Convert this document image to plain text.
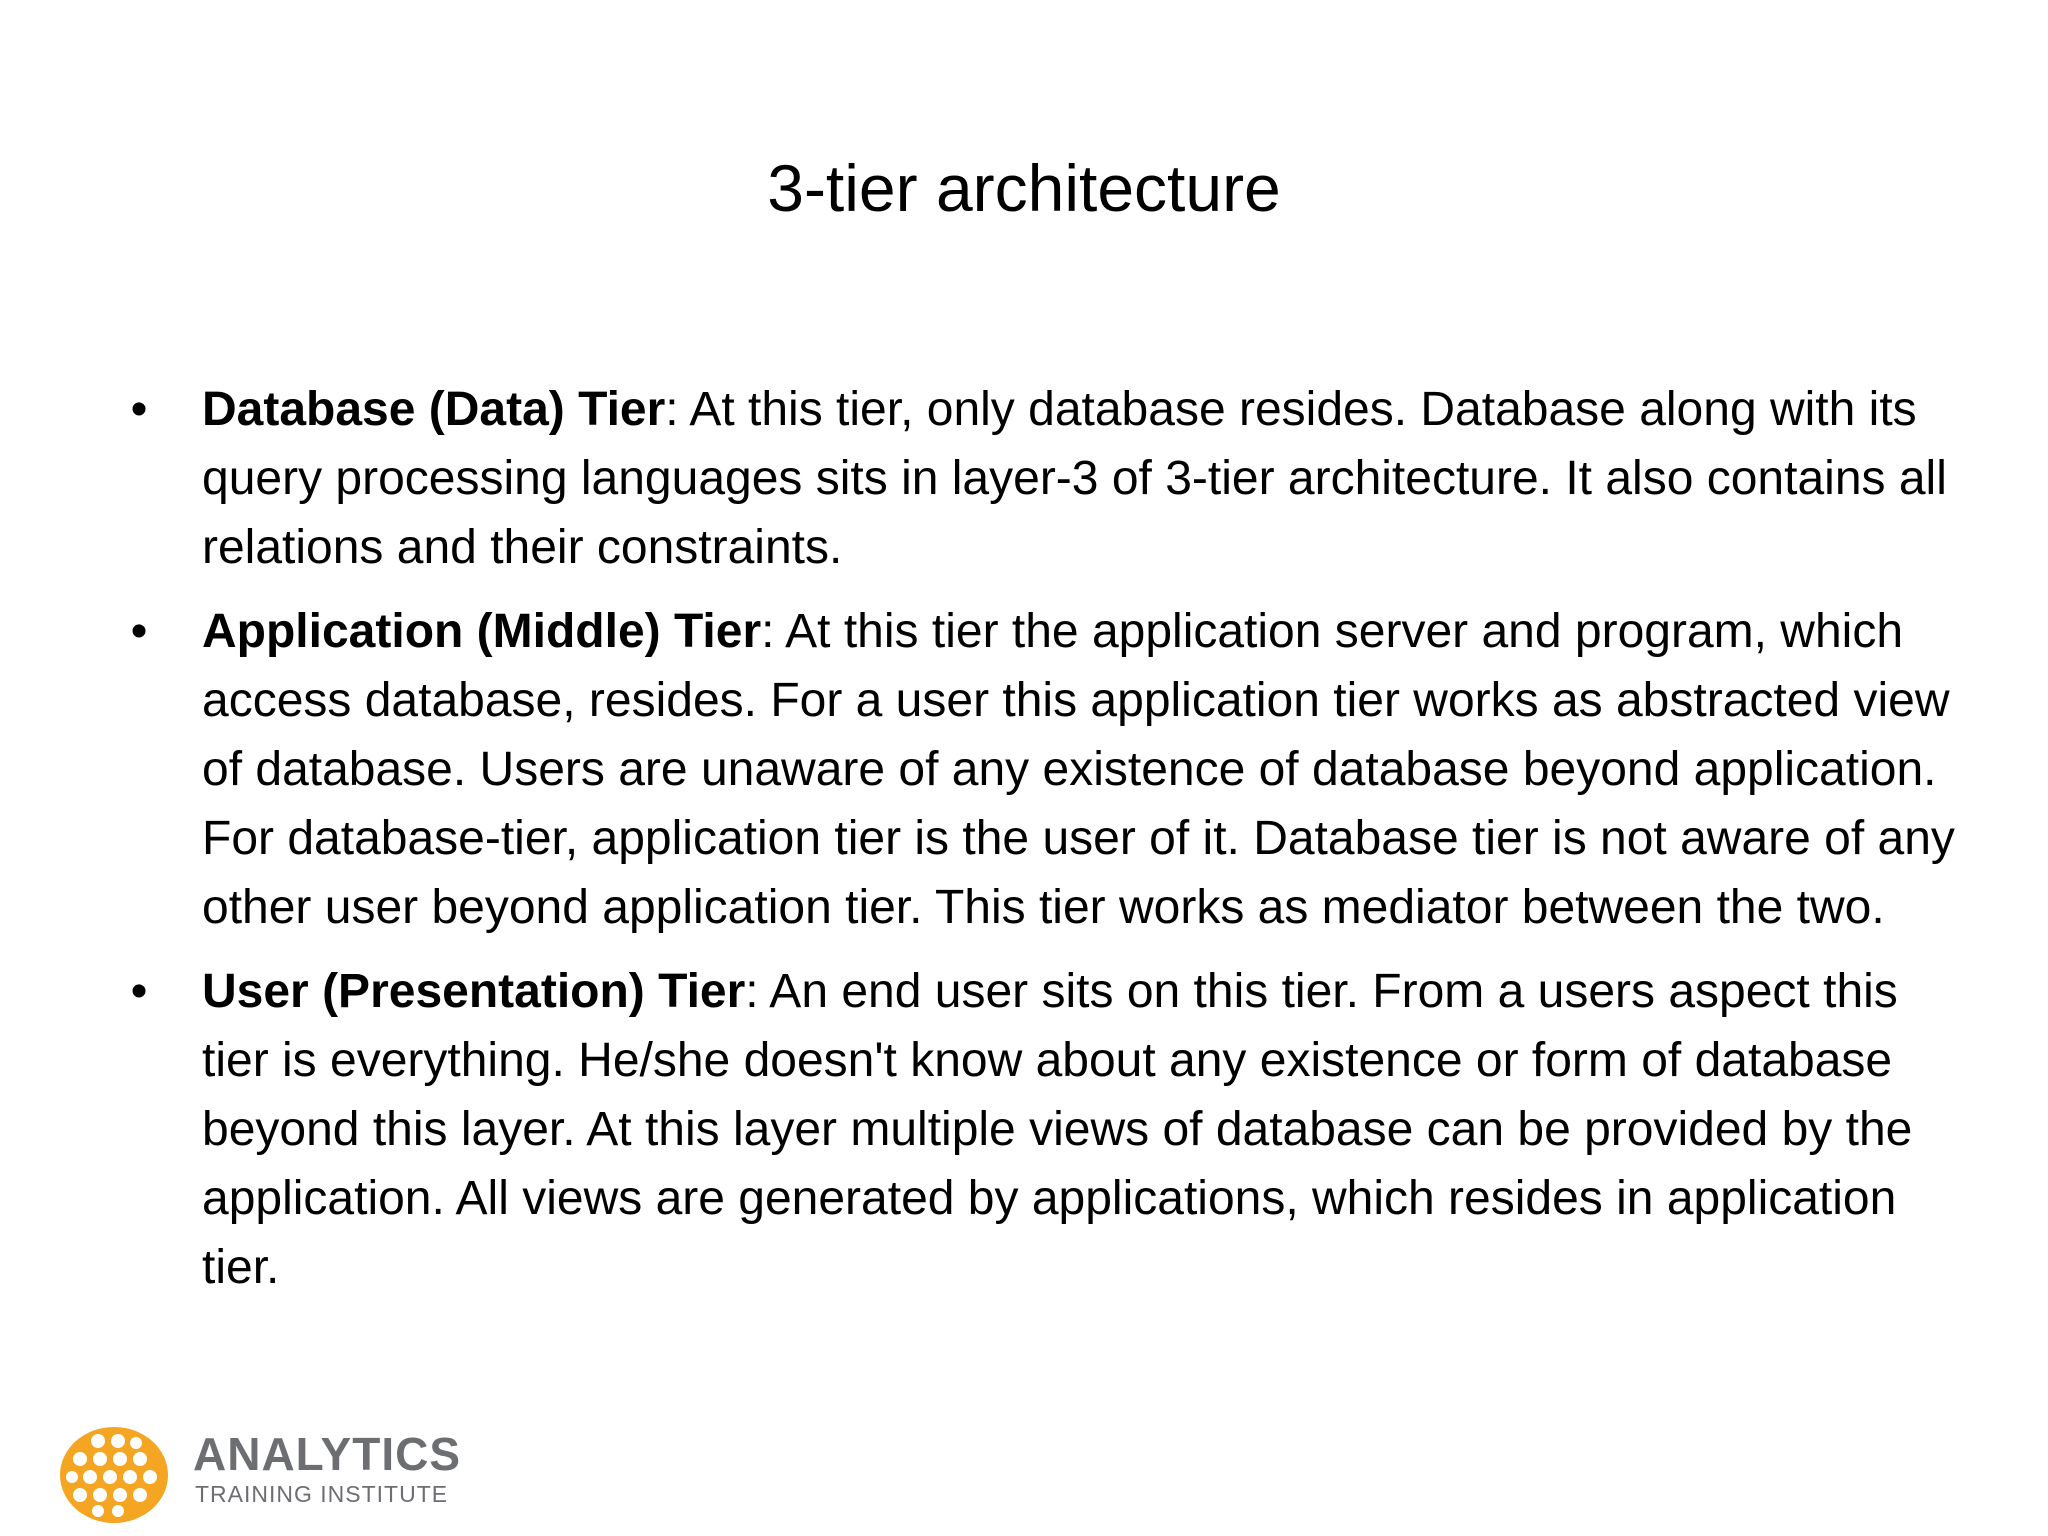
3-tier architecture
• Database (Data) Tier: At this tier, only database resides. Database along with its query processing languages sits in layer-3 of 3-tier architecture. It also contains all relations and their constraints.
• Application (Middle) Tier: At this tier the application server and program, which access database, resides. For a user this application tier works as abstracted view of database. Users are unaware of any existence of database beyond application. For database-tier, application tier is the user of it. Database tier is not aware of any other user beyond application tier. This tier works as mediator between the two.
• User (Presentation) Tier: An end user sits on this tier. From a users aspect this tier is everything. He/she doesn't know about any existence or form of database beyond this layer. At this layer multiple views of database can be provided by the application. All views are generated by applications, which resides in application tier.
ANALYTICS
TRAINING INSTITUTE
